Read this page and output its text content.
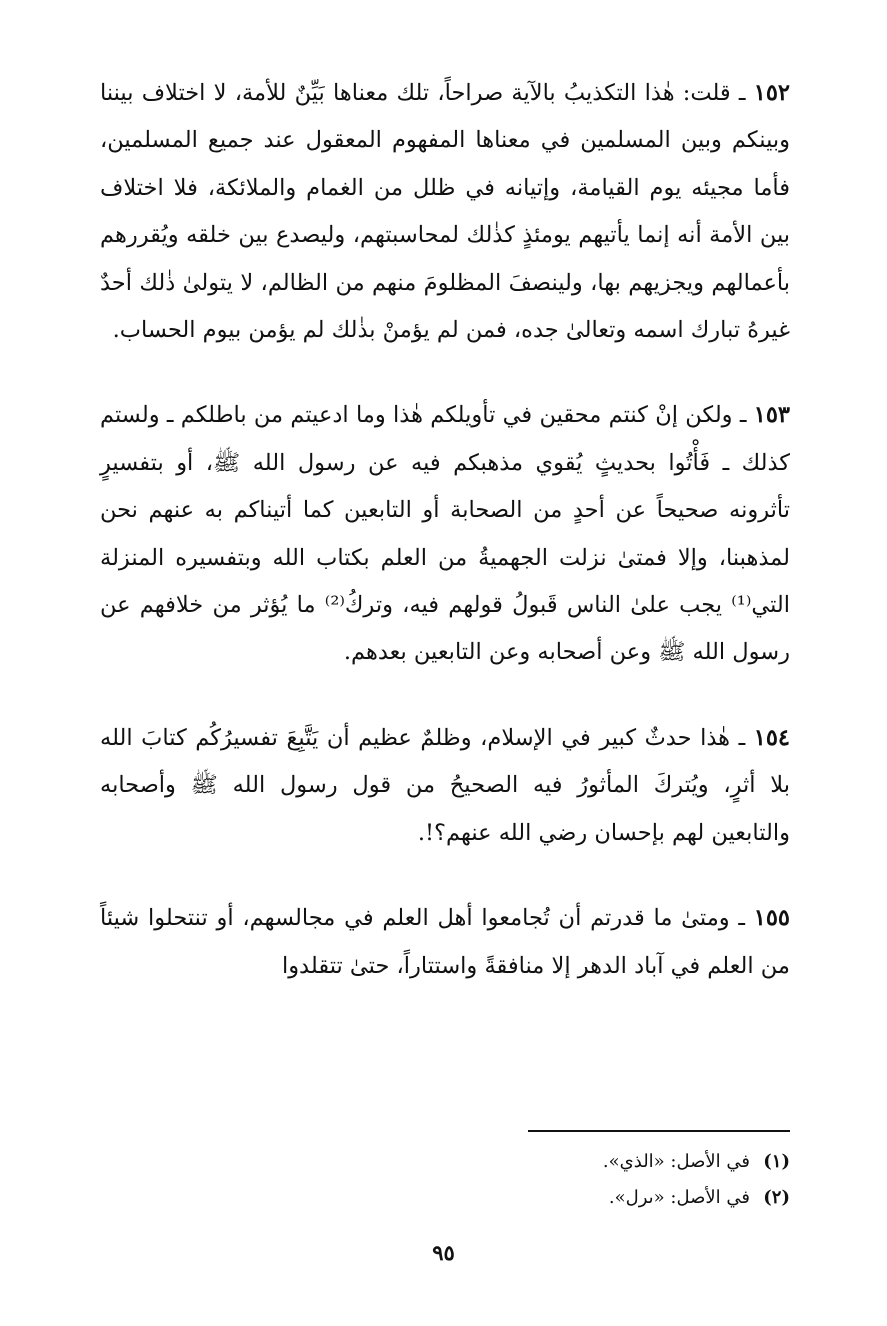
١٥٢ ـ قلت: هٰذا التكذيبُ بالآية صراحاً، تلك معناها بَيِّنٌ للأمة، لا اختلاف بيننا وبينكم وبين المسلمين في معناها المفهوم المعقول عند جميع المسلمين، فأما مجيئه يوم القيامة، وإتيانه في ظلل من الغمام والملائكة، فلا اختلاف بين الأمة أنه إنما يأتيهم يومئذٍ كذٰلك لمحاسبتهم، وليصدع بين خلقه ويُقررهم بأعمالهم ويجزيهم بها، ولينصفَ المظلومَ منهم من الظالم، لا يتولىٰ ذٰلك أحدٌ غيرهُ تبارك اسمه وتعالىٰ جده، فمن لم يؤمنْ بذٰلك لم يؤمن بيوم الحساب.

١٥٣ ـ ولكن إنْ كنتم محقين في تأويلكم هٰذا وما ادعيتم من باطلكم ـ ولستم كذلك ـ فَأْتُوا بحديثٍ يُقوي مذهبكم فيه عن رسول الله ﷺ، أو بتفسيرٍ تأثرونه صحيحاً عن أحدٍ من الصحابة أو التابعين كما أتيناكم به عنهم نحن لمذهبنا، وإلا فمتىٰ نزلت الجهميةُ من العلم بكتاب الله وبتفسيره المنزلة التي⁽¹⁾ يجب علىٰ الناس قَبولُ قولهم فيه، وتركُ⁽²⁾ ما يُؤثر من خلافهم عن رسول الله ﷺ وعن أصحابه وعن التابعين بعدهم.

١٥٤ ـ هٰذا حدثٌ كبير في الإسلام، وظلمٌ عظيم أن يَتَّبِعَ تفسيرُكُم كتابَ الله بلا أثرٍ، ويُتركَ المأثورُ فيه الصحيحُ من قول رسول الله ﷺ وأصحابه والتابعين لهم بإحسان رضي الله عنهم؟!.

١٥٥ ـ ومتىٰ ما قدرتم أن تُجامعوا أهل العلم في مجالسهم، أو تنتحلوا شيئاً من العلم في آباد الدهر إلا منافقةً واستتاراً، حتىٰ تتقلدوا

(١)في الأصل: «الذي».
(٢)في الأصل: «ىرل».
٩٥
